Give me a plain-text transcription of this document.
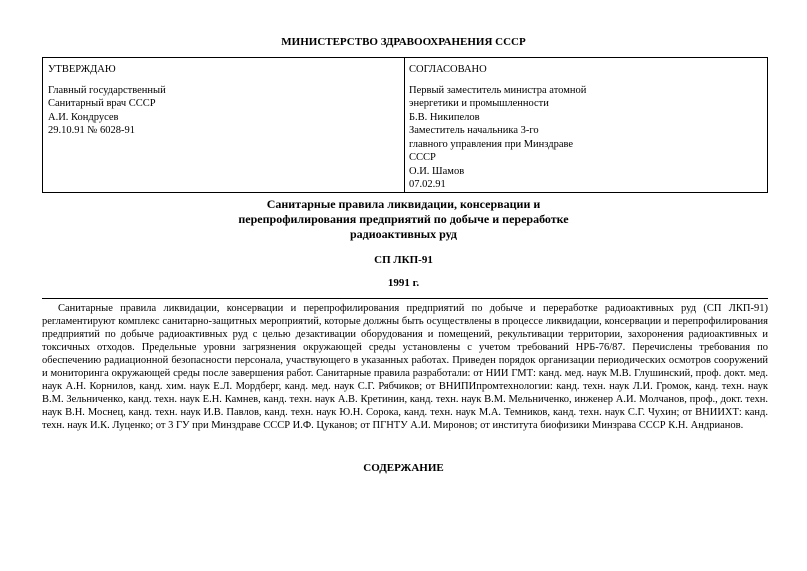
МИНИСТЕРСТВО ЗДРАВООХРАНЕНИЯ СССР
УТВЕРЖДАЮ
Главный государственный
Санитарный врач СССР
А.И. Кондрусев
29.10.91 № 6028-91
СОГЛАСОВАНО
Первый заместитель министра атомной
энергетики и промышленности
Б.В. Никипелов
Заместитель начальника 3-го
главного управления при Минздраве
СССР
О.И. Шамов
07.02.91
Санитарные правила ликвидации, консервации и
перепрофилирования предприятий по добыче и переработке
радиоактивных руд
СП ЛКП-91
1991 г.
Санитарные правила ликвидации, консервации и перепрофилирования предприятий по добыче и переработке радиоактивных руд (СП ЛКП-91) регламентируют комплекс санитарно-защитных мероприятий, которые должны быть осуществлены в процессе ликвидации, консервации и перепрофилирования предприятий по добыче радиоактивных руд с целью дезактивации оборудования и помещений, рекультивации территории, захоронения радиоактивных и токсичных отходов. Предельные уровни загрязнения окружающей среды установлены с учетом требований НРБ-76/87. Перечислены требования по обеспечению радиационной безопасности персонала, участвующего в указанных работах. Приведен порядок организации периодических осмотров сооружений и мониторинга окружающей среды после завершения работ. Санитарные правила разработали: от НИИ ГМТ: канд. мед. наук М.В. Глушинский, проф. докт. мед. наук А.Н. Корнилов, канд. хим. наук Е.Л. Мордберг, канд. мед. наук С.Г. Рябчиков; от ВНИПИпромтехнологии: канд. техн. наук Л.И. Громок, канд. техн. наук В.М. Зельниченко, канд. техн. наук Е.Н. Камнев, канд. техн. наук А.В. Кретинин, канд. техн. наук В.М. Мельниченко, инженер А.И. Молчанов, проф., докт. техн. наук В.Н. Моснец, канд. техн. наук И.В. Павлов, канд. техн. наук Ю.Н. Сорока, канд. техн. наук М.А. Темников, канд. техн. наук С.Г. Чухин; от ВНИИХТ: канд. техн. наук И.К. Луценко; от 3 ГУ при Минздраве СССР И.Ф. Цуканов; от ПГНТУ А.И. Миронов; от института биофизики Минзрава СССР К.Н. Андрианов.
СОДЕРЖАНИЕ
